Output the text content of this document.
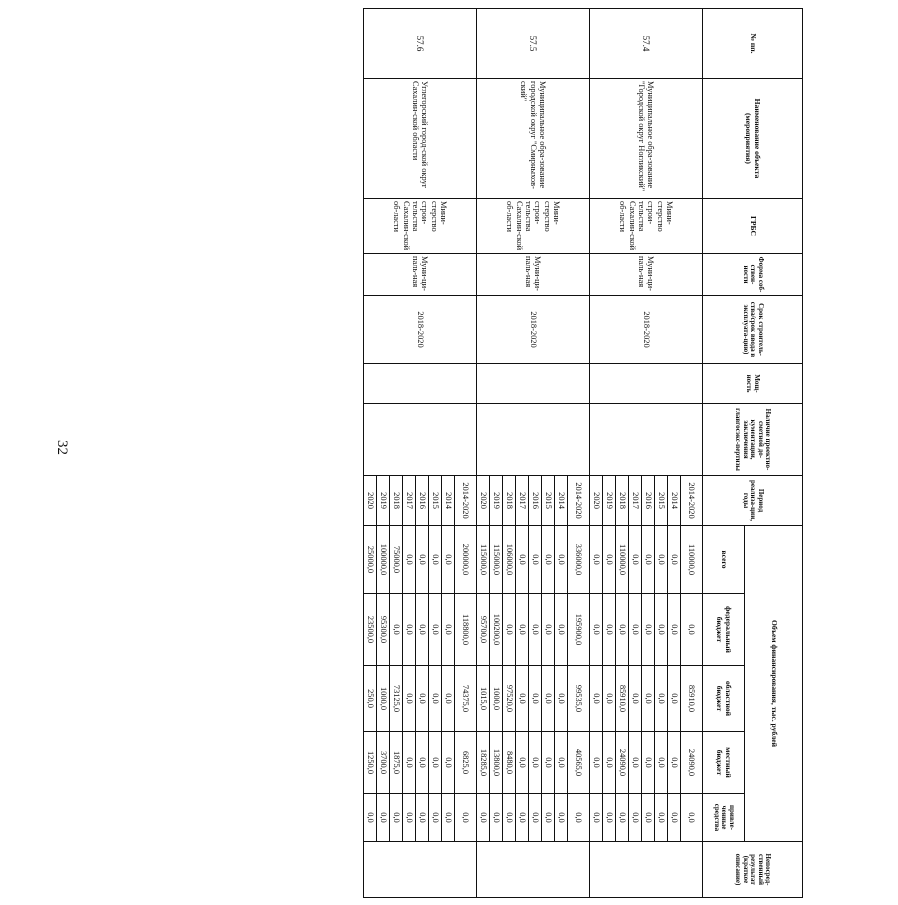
32
№ пп.	Наименование объекта (мероприятия)	ГРБС	Форма соб-ствен-ности	Срок строитель-ства/срок ввода в эксплуата-цию)	Мощ-ность	Наличие проектно-сметной до-кументации, заключения главгосэкс-пертизы	Период реализа-ции, годы	Объем финансирования, тыс. рублей					Непосред-ственный результат (краткое описание)
								всего	федеральный бюджет	областной бюджет	местный бюджет	привле-ченные средства	
57.4	Муниципальное обра-зование "Городской округ Ногликский"	Мини-стерство строи-тельства Сахалин-ской об-ласти	Муни-ци-паль-ная	2018-2020			2014-2020	110000,0	0,0	85910,0	24090,0	0,0	
							2014	0,0	0,0	0,0	0,0	0,0	
							2015	0,0	0,0	0,0	0,0	0,0	
							2016	0,0	0,0	0,0	0,0	0,0	
							2017	0,0	0,0	0,0	0,0	0,0	
							2018	110000,0	0,0	85910,0	24090,0	0,0	
							2019	0,0	0,0	0,0	0,0	0,0	
							2020	0,0	0,0	0,0	0,0	0,0	
57.5	Муниципальное обра-зование городской округ "Смирныхов-ский"	Мини-стерство строи-тельства Сахалин-ской об-ласти	Муни-ци-паль-ная	2018-2020			2014-2020	336000,0	195900,0	99535,0	40565,0	0,0	
							2014	0,0	0,0	0,0	0,0	0,0	
							2015	0,0	0,0	0,0	0,0	0,0	
							2016	0,0	0,0	0,0	0,0	0,0	
							2017	0,0	0,0	0,0	0,0	0,0	
							2018	106000,0	0,0	97520,0	8480,0	0,0	
							2019	115000,0	100200,0	1000,0	13800,0	0,0	
							2020	115000,0	95700,0	1015,0	18285,0	0,0	
57.6	Углегорский город-ской округ Сахалин-ской области	Мини-стерство строи-тельства Сахалин-ской об-ласти	Муни-ци-паль-ная	2018-2020			2014-2020	200000,0	118800,0	74375,0	6825,0	0,0	
							2014	0,0	0,0	0,0	0,0	0,0	
							2015	0,0	0,0	0,0	0,0	0,0	
							2016	0,0	0,0	0,0	0,0	0,0	
							2017	0,0	0,0	0,0	0,0	0,0	
							2018	75000,0	0,0	73125,0	1875,0	0,0	
							2019	100000,0	95300,0	1000,0	3700,0	0,0	
							2020	25000,0	23500,0	250,0	1250,0	0,0	
